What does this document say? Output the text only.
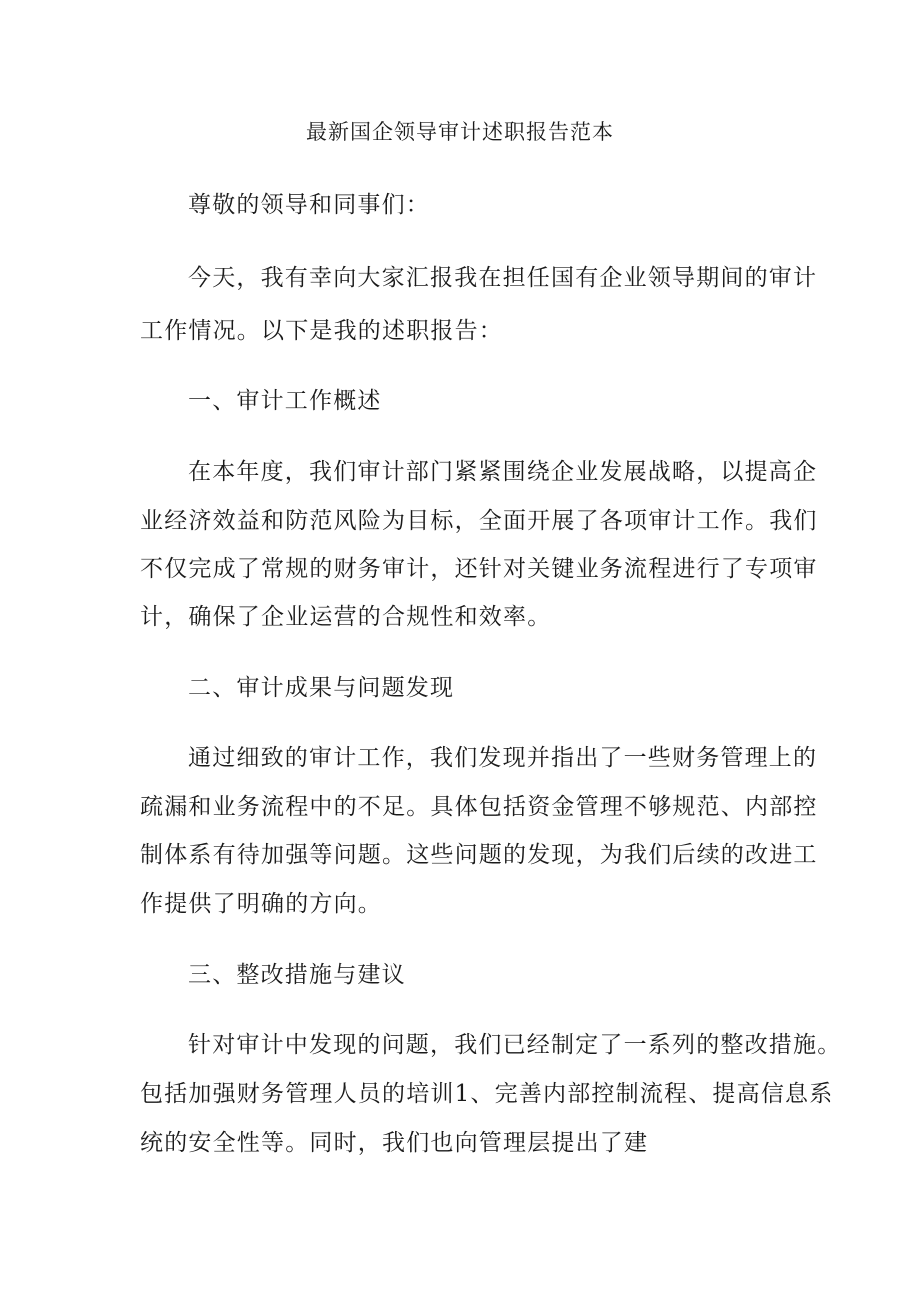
最新国企领导审计述职报告范本
尊敬的领导和同事们：
今天，我有幸向大家汇报我在担任国有企业领导期间的审计
工作情况。以下是我的述职报告：
一、审计工作概述
在本年度，我们审计部门紧紧围绕企业发展战略，以提高企
业经济效益和防范风险为目标，全面开展了各项审计工作。我们
不仅完成了常规的财务审计，还针对关键业务流程进行了专项审
计，确保了企业运营的合规性和效率。
二、审计成果与问题发现
通过细致的审计工作，我们发现并指出了一些财务管理上的
疏漏和业务流程中的不足。具体包括资金管理不够规范、内部控
制体系有待加强等问题。这些问题的发现，为我们后续的改进工
作提供了明确的方向。
三、整改措施与建议
针对审计中发现的问题，我们已经制定了一系列的整改措施。
包括加强财务管理人员的培训1、完善内部控制流程、提高信息系
统的安全性等。同时，我们也向管理层提出了建
